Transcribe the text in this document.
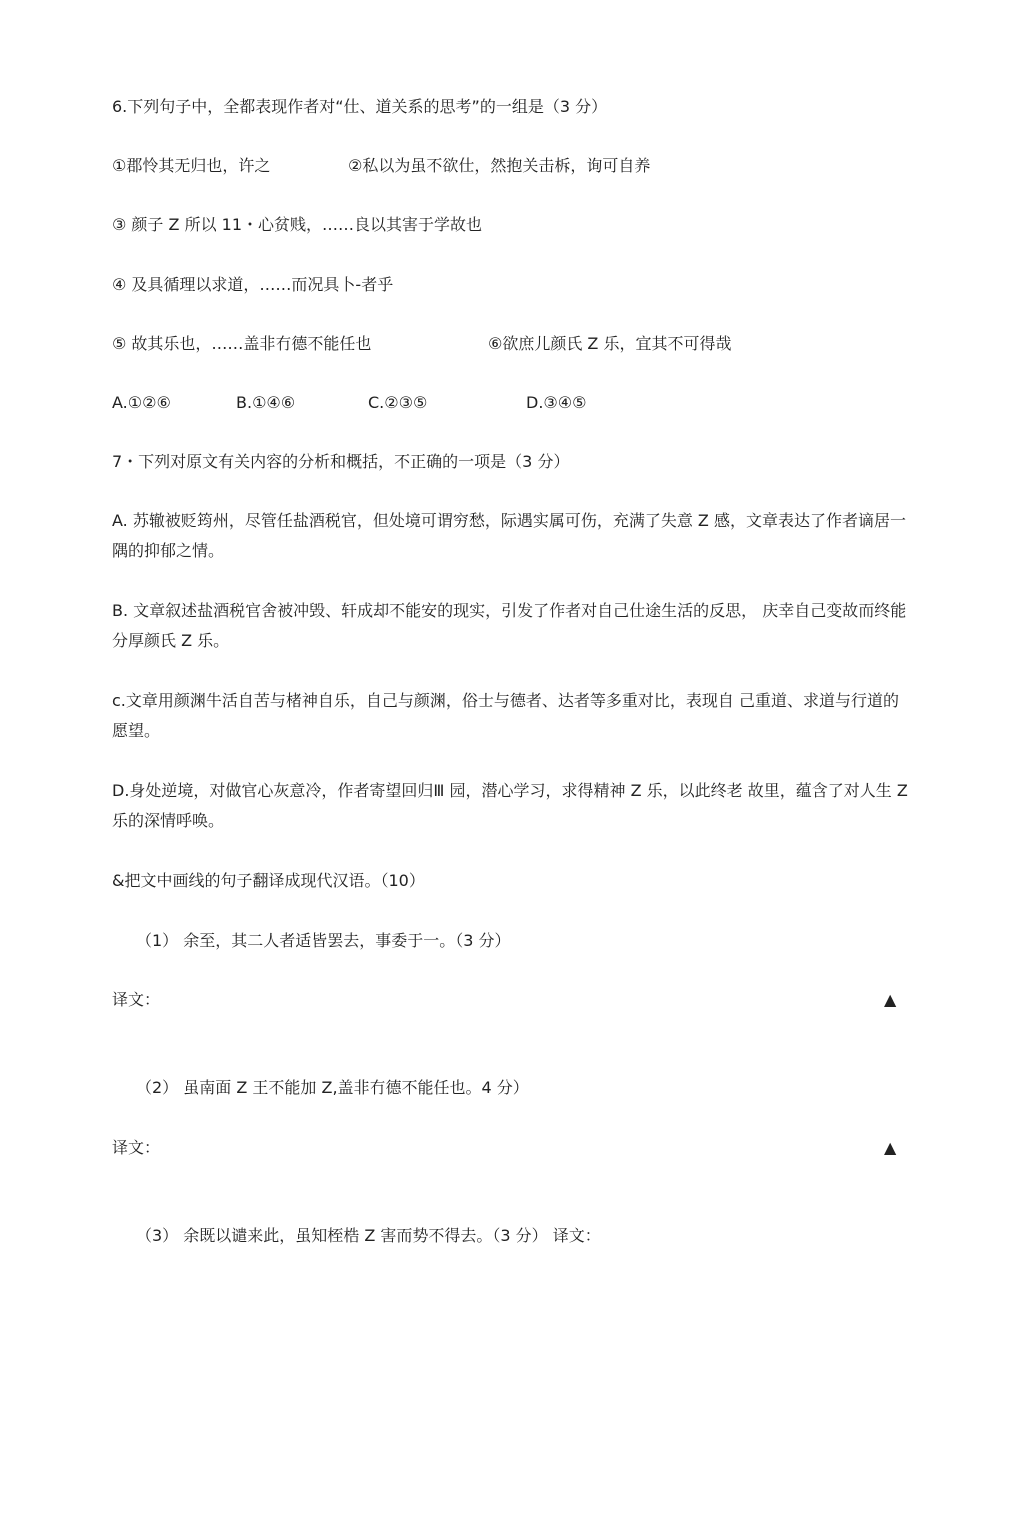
6.下列句子中，全都表现作者对“仕、道关系的思考”的一组是（3 分）
①郡怜其无归也，许之	②私以为虽不欲仕，然抱关击柝，询可自养
③ 颜子 Z 所以 11・心贫贱，……良以其害于学故也
④ 及具循理以求道，……而况具卜-者乎
⑤ 故其乐也，……盖非冇德不能任也	⑥欲庶儿颜氏 Z 乐，宜其不可得哉
A.①②⑥	B.①④⑥	C.②③⑤	D.③④⑤
7・下列对原文有关内容的分析和概括，不正确的一项是（3 分）
A. 苏辙被贬筠州，尽管任盐酒税官，但处境可谓穷愁，际遇实属可伤，充满了失意 Z 感，文章表达了作者谪居一隅的抑郁之情。
B. 文章叙述盐酒税官舍被冲毁、轩成却不能安的现实，引发了作者对自己仕途生活的反思， 庆幸自己变故而终能分厚颜氏 Z 乐。
c.文章用颜渊牛活自苦与楮神自乐，自己与颜渊，俗士与德者、达者等多重对比，表现自 己重道、求道与行道的愿望。
D.身处逆境，对做官心灰意冷，作者寄望回归Ⅲ 园，潜心学习，求得精神 Z 乐，以此终老 故里，蕴含了对人生 Z 乐的深情呼唤。
&把文中画线的句子翻译成现代汉语。（10）
（1） 余至，其二人者适皆罢去，事委于一。（3 分）
译文：	▲
（2） 虽南面 Z 王不能加 Z,盖非冇德不能任也。4 分）
译文：	▲
（3） 余既以谴来此，虽知桎梏 Z 害而势不得去。（3 分） 译文：
